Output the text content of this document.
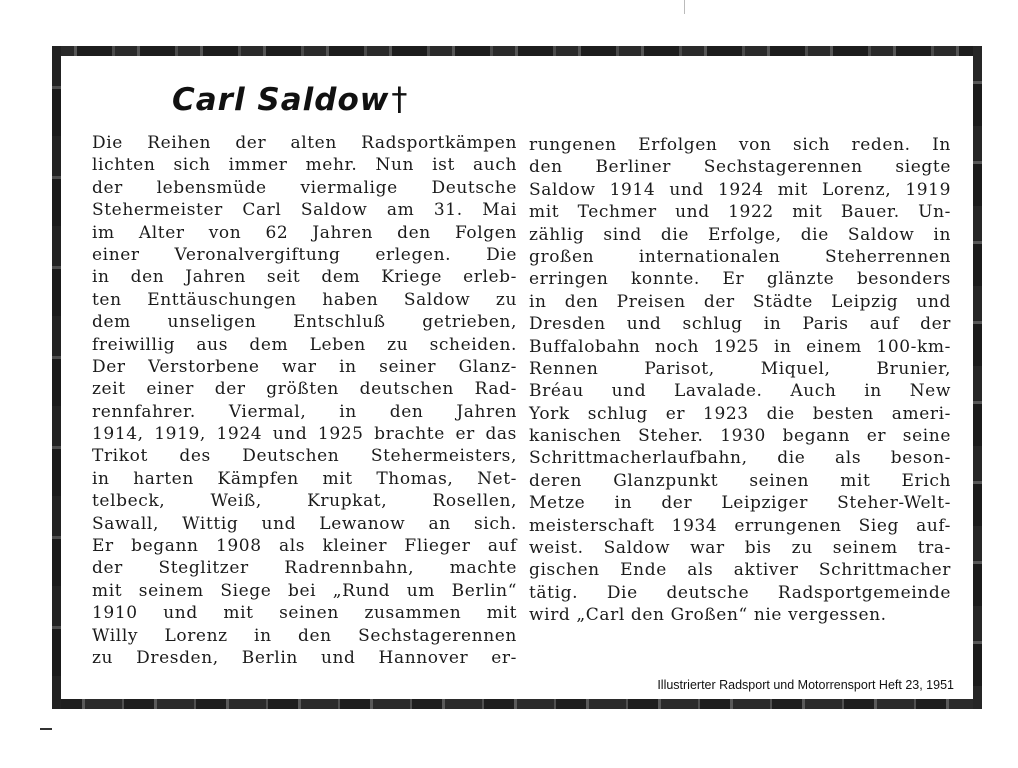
Carl Saldow†
Die Reihen der alten Radsportkämpen
lichten sich immer mehr. Nun ist auch
der lebensmüde viermalige Deutsche
Stehermeister Carl Saldow am 31. Mai
im Alter von 62 Jahren den Folgen
einer Veronalvergiftung erlegen. Die
in den Jahren seit dem Kriege erleb-
ten Enttäuschungen haben Saldow zu
dem unseligen Entschluß getrieben,
freiwillig aus dem Leben zu scheiden.
Der Verstorbene war in seiner Glanz-
zeit einer der größten deutschen Rad-
rennfahrer. Viermal, in den Jahren
1914, 1919, 1924 und 1925 brachte er das
Trikot des Deutschen Stehermeisters,
in harten Kämpfen mit Thomas, Net-
telbeck, Weiß, Krupkat, Rosellen,
Sawall, Wittig und Lewanow an sich.
Er begann 1908 als kleiner Flieger auf
der Steglitzer Radrennbahn, machte
mit seinem Siege bei „Rund um Berlin“
1910 und mit seinen zusammen mit
Willy Lorenz in den Sechstagerennen
zu Dresden, Berlin und Hannover er-
rungenen Erfolgen von sich reden. In
den Berliner Sechstagerennen siegte
Saldow 1914 und 1924 mit Lorenz, 1919
mit Techmer und 1922 mit Bauer. Un-
zählig sind die Erfolge, die Saldow in
großen internationalen Steherrennen
erringen konnte. Er glänzte besonders
in den Preisen der Städte Leipzig und
Dresden und schlug in Paris auf der
Buffalobahn noch 1925 in einem 100-km-
Rennen Parisot, Miquel, Brunier,
Bréau und Lavalade. Auch in New
York schlug er 1923 die besten ameri-
kanischen Steher. 1930 begann er seine
Schrittmacherlaufbahn, die als beson-
deren Glanzpunkt seinen mit Erich
Metze in der Leipziger Steher-Welt-
meisterschaft 1934 errungenen Sieg auf-
weist. Saldow war bis zu seinem tra-
gischen Ende als aktiver Schrittmacher
tätig. Die deutsche Radsportgemeinde
wird „Carl den Großen“ nie vergessen.
Illustrierter Radsport und Motorrensport Heft 23, 1951
